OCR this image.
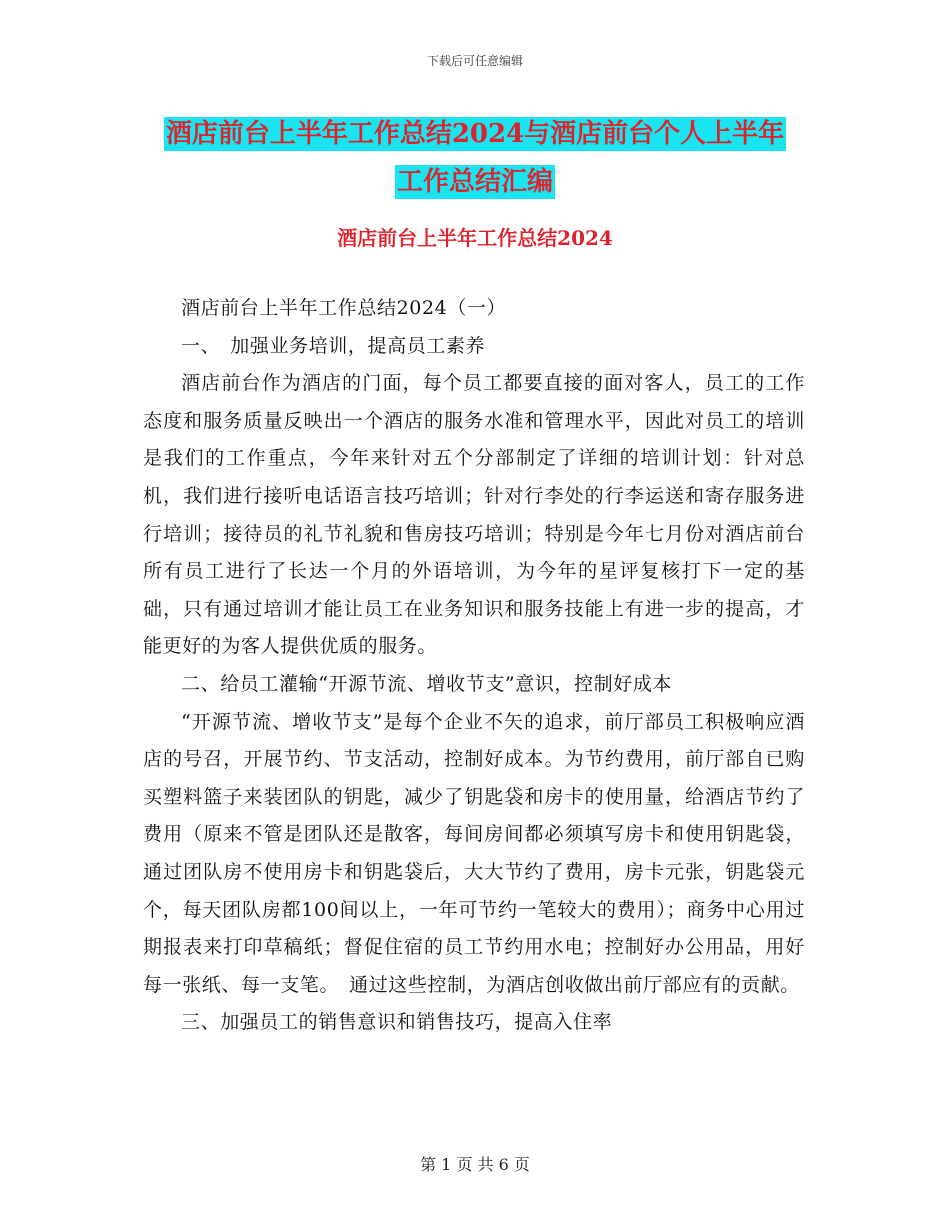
下载后可任意编辑
酒店前台上半年工作总结2024与酒店前台个人上半年
工作总结汇编
酒店前台上半年工作总结2024

酒店前台上半年工作总结2024（一）

一、　加强业务培训，提高员工素养

酒店前台作为酒店的门面，每个员工都要直接的面对客人，员工的工作态度和服务质量反映出一个酒店的服务水准和管理水平，因此对员工的培训是我们的工作重点，今年来针对五个分部制定了详细的培训计划：针对总机，我们进行接听电话语言技巧培训；针对行李处的行李运送和寄存服务进行培训；接待员的礼节礼貌和售房技巧培训；特别是今年七月份对酒店前台所有员工进行了长达一个月的外语培训，为今年的星评复核打下一定的基础，只有通过培训才能让员工在业务知识和服务技能上有进一步的提高，才能更好的为客人提供优质的服务。

二、给员工灌输“开源节流、增收节支”意识，控制好成本

“开源节流、增收节支”是每个企业不矢的追求，前厅部员工积极响应酒店的号召，开展节约、节支活动，控制好成本。为节约费用，前厅部自已购买塑料篮子来装团队的钥匙，减少了钥匙袋和房卡的使用量，给酒店节约了费用（原来不管是团队还是散客，每间房间都必须填写房卡和使用钥匙袋，通过团队房不使用房卡和钥匙袋后，大大节约了费用，房卡元张，钥匙袋元个，每天团队房都100间以上，一年可节约一笔较大的费用）；商务中心用过期报表来打印草稿纸；督促住宿的员工节约用水电；控制好办公用品，用好每一张纸、每一支笔。　通过这些控制，为酒店创收做出前厅部应有的贡献。

三、加强员工的销售意识和销售技巧，提高入住率

第 1 页 共 6 页
